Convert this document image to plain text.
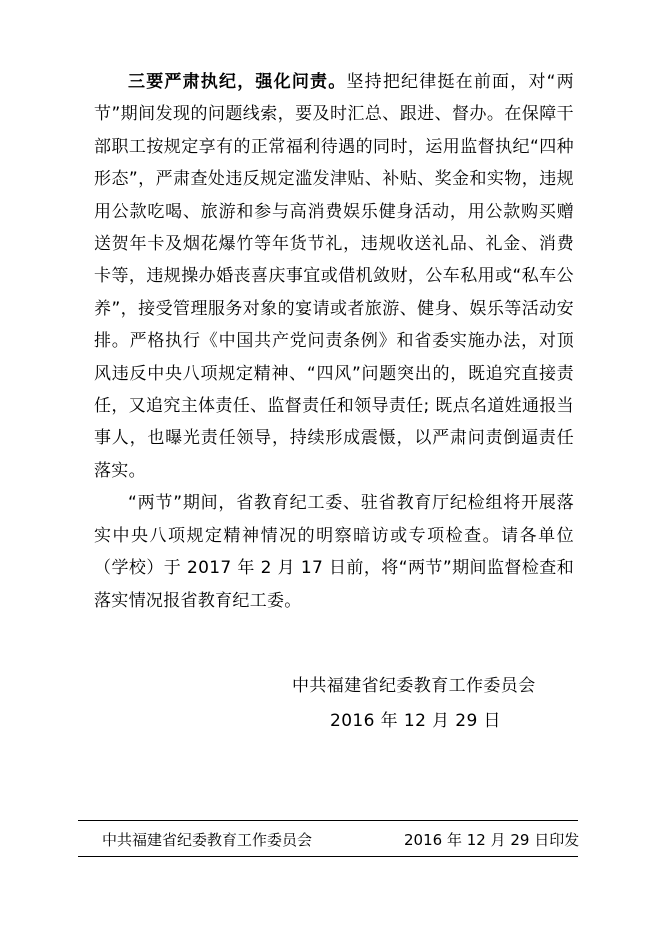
三要严肃执纪，强化问责。坚持把纪律挺在前面，对“两节”期间发现的问题线索，要及时汇总、跟进、督办。在保障干部职工按规定享有的正常福利待遇的同时，运用监督执纪“四种形态”，严肃查处违反规定滥发津贴、补贴、奖金和实物，违规用公款吃喝、旅游和参与高消费娱乐健身活动，用公款购买赠送贺年卡及烟花爆竹等年货节礼，违规收送礼品、礼金、消费卡等，违规操办婚丧喜庆事宜或借机敛财，公车私用或“私车公养”，接受管理服务对象的宴请或者旅游、健身、娱乐等活动安排。严格执行《中国共产党问责条例》和省委实施办法，对顶风违反中央八项规定精神、“四风”问题突出的，既追究直接责任，又追究主体责任、监督责任和领导责任; 既点名道姓通报当事人，也曝光责任领导，持续形成震慑，以严肃问责倒逼责任落实。

“两节”期间，省教育纪工委、驻省教育厅纪检组将开展落实中央八项规定精神情况的明察暗访或专项检查。请各单位（学校）于 2017 年 2 月 17 日前，将“两节”期间监督检查和落实情况报省教育纪工委。

中共福建省纪委教育工作委员会
2016 年 12 月 29 日
中共福建省纪委教育工作委员会	2016 年 12 月 29 日印发
